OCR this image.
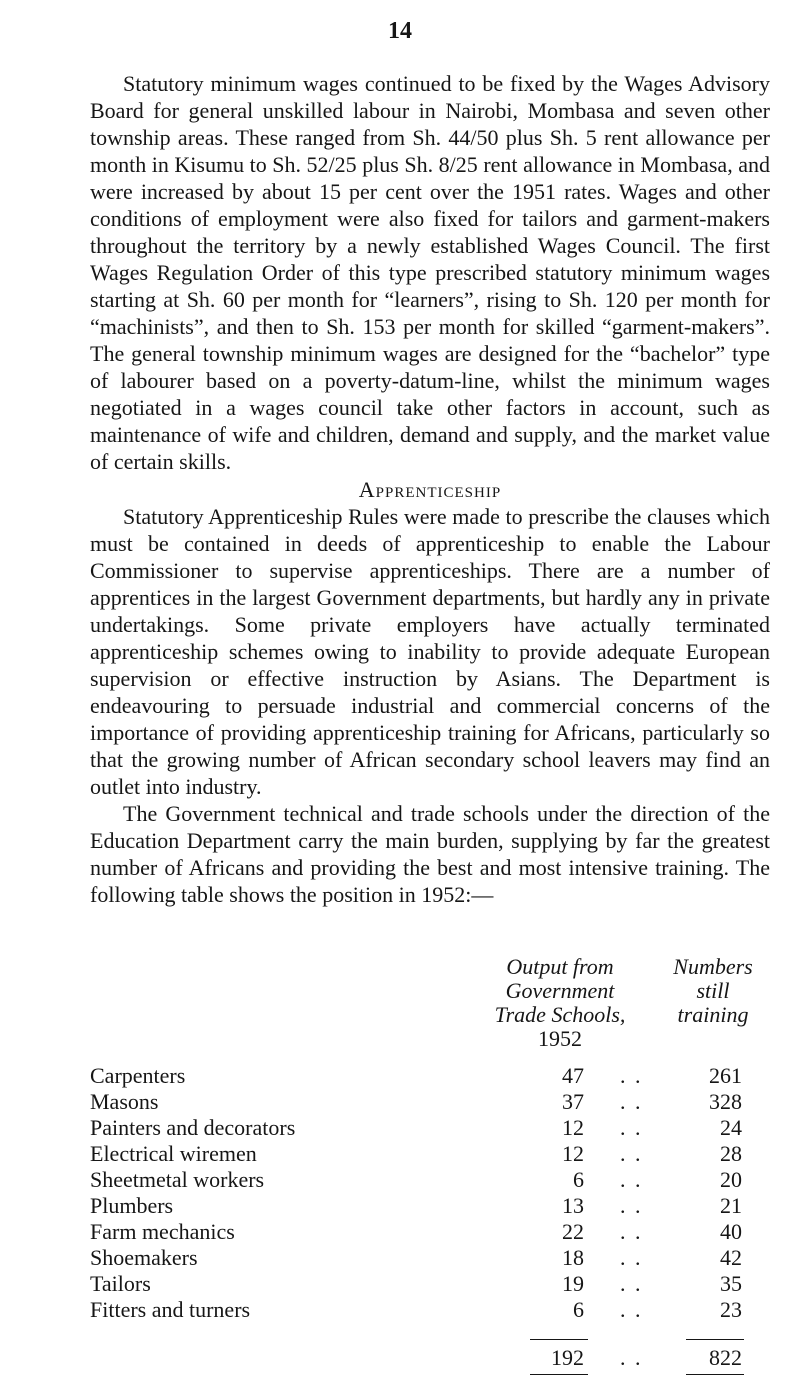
14

Statutory minimum wages continued to be fixed by the Wages Advisory Board for general unskilled labour in Nairobi, Mombasa and seven other township areas. These ranged from Sh. 44/50 plus Sh. 5 rent allowance per month in Kisumu to Sh. 52/25 plus Sh. 8/25 rent allowance in Mombasa, and were increased by about 15 per cent over the 1951 rates. Wages and other conditions of employment were also fixed for tailors and garment-makers throughout the territory by a newly established Wages Council. The first Wages Regulation Order of this type prescribed statutory minimum wages starting at Sh. 60 per month for “learners”, rising to Sh. 120 per month for “machinists”, and then to Sh. 153 per month for skilled “garment-makers”. The general township minimum wages are designed for the “bachelor” type of labourer based on a poverty-datum-line, whilst the minimum wages negotiated in a wages council take other factors in account, such as maintenance of wife and children, demand and supply, and the market value of certain skills.

Apprenticeship

Statutory Apprenticeship Rules were made to prescribe the clauses which must be contained in deeds of apprenticeship to enable the Labour Commissioner to supervise apprenticeships. There are a number of apprentices in the largest Government departments, but hardly any in private undertakings. Some private employers have actually terminated apprenticeship schemes owing to inability to provide adequate European supervision or effective instruction by Asians. The Department is endeavouring to persuade industrial and commercial concerns of the importance of providing apprenticeship training for Africans, particularly so that the growing number of African secondary school leavers may find an outlet into industry.

The Government technical and trade schools under the direction of the Education Department carry the main burden, supplying by far the greatest number of Africans and providing the best and most intensive training. The following table shows the position in 1952:—

Output from
Government
Trade Schools,
1952
Numbers
still
training
Carpenters	47 . .	261
Masons	37 . .	328
Painters and decorators	12 . .	24
Electrical wiremen	12 . .	28
Sheetmetal workers	6 . .	20
Plumbers	13 . .	21
Farm mechanics	22 . .	40
Shoemakers	18 . .	42
Tailors	19 . .	35
Fitters and turners	6 . .	23
192 . .	822
